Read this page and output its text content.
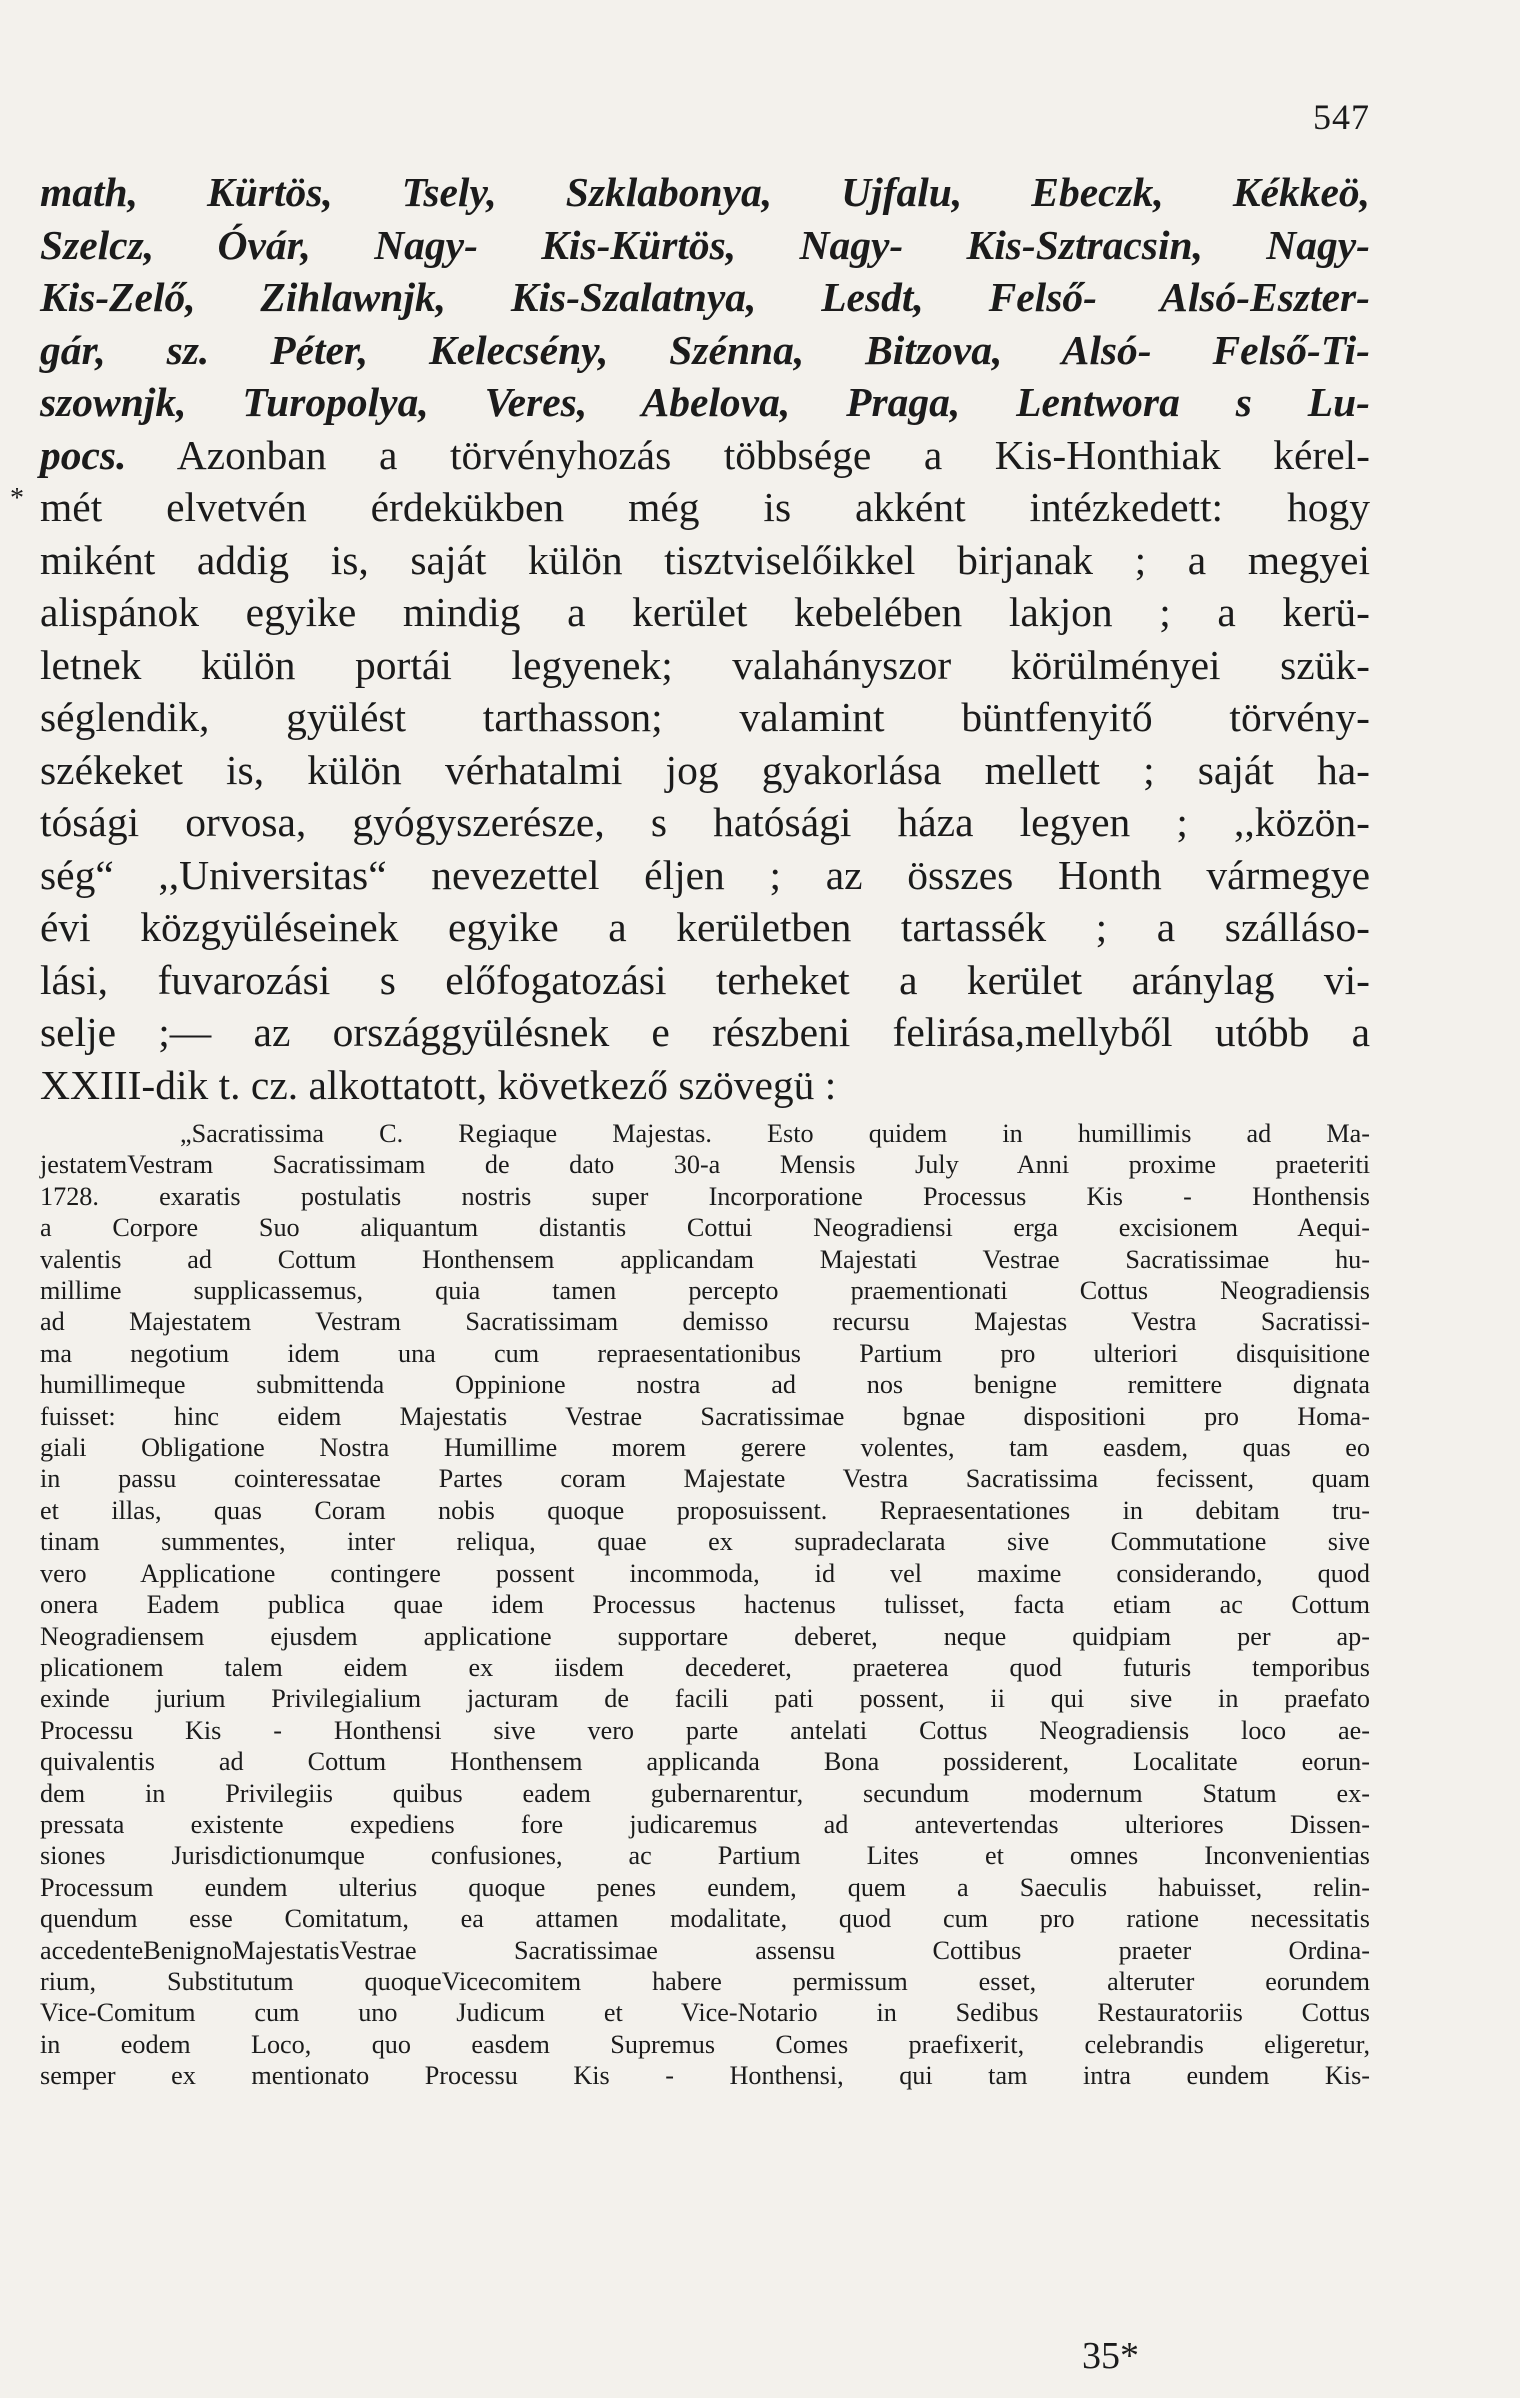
547
*
math, Kürtös, Tsely, Szklabonya, Ujfalu, Ebeczk, Kékkeö,
Szelcz, Óvár, Nagy- Kis-Kürtös, Nagy- Kis-Sztracsin, Nagy-
Kis-Zelő, Zihlawnjk, Kis-Szalatnya, Lesdt, Felső- Alsó-Eszter-
gár, sz. Péter, Kelecsény, Szénna, Bitzova, Alsó- Felső-Ti-
szownjk, Turopolya, Veres, Abelova, Praga, Lentwora s Lu-
pocs. Azonban a törvényhozás többsége a Kis-Honthiak kérel-
mét elvetvén érdekükben még is akként intézkedett: hogy
miként addig is, saját külön tisztviselőikkel birjanak ; a megyei
alispánok egyike mindig a kerület kebelében lakjon ; a kerü-
letnek külön portái legyenek; valahányszor körülményei szük-
séglendik, gyülést tarthasson; valamint büntfenyitő törvény-
székeket is, külön vérhatalmi jog gyakorlása mellett ; saját ha-
tósági orvosa, gyógyszerésze, s hatósági háza legyen ; ,,közön-
ség“ ,,Universitas“ nevezettel éljen ; az összes Honth vármegye
évi közgyüléseinek egyike a kerületben tartassék ; a szálláso-
lási, fuvarozási s előfogatozási terheket a kerület aránylag vi-
selje ;— az országgyülésnek e részbeni felirása,mellyből utóbb a
XXIII-dik t. cz. alkottatott, következő szövegü :
„Sacratissima C. Regiaque Majestas. Esto quidem in humillimis ad Ma-
jestatemVestram Sacratissimam de dato 30-a Mensis July Anni proxime praeteriti
1728. exaratis postulatis nostris super Incorporatione Processus Kis - Honthensis
a Corpore Suo aliquantum distantis Cottui Neogradiensi erga excisionem Aequi-
valentis ad Cottum Honthensem applicandam Majestati Vestrae Sacratissimae hu-
millime supplicassemus, quia tamen percepto praementionati Cottus Neogradiensis
ad Majestatem Vestram Sacratissimam demisso recursu Majestas Vestra Sacratissi-
ma negotium idem una cum repraesentationibus Partium pro ulteriori disquisitione
humillimeque submittenda Oppinione nostra ad nos benigne remittere dignata
fuisset: hinc eidem Majestatis Vestrae Sacratissimae bgnae dispositioni pro Homa-
giali Obligatione Nostra Humillime morem gerere volentes, tam easdem, quas eo
in passu cointeressatae Partes coram Majestate Vestra Sacratissima fecissent, quam
et illas, quas Coram nobis quoque proposuissent. Repraesentationes in debitam tru-
tinam summentes, inter reliqua, quae ex supradeclarata sive Commutatione sive
vero Applicatione contingere possent incommoda, id vel maxime considerando, quod
onera Eadem publica quae idem Processus hactenus tulisset, facta etiam ac Cottum
Neogradiensem ejusdem applicatione supportare deberet, neque quidpiam per ap-
plicationem talem eidem ex iisdem decederet, praeterea quod futuris temporibus
exinde jurium Privilegialium jacturam de facili pati possent, ii qui sive in praefato
Processu Kis - Honthensi sive vero parte antelati Cottus Neogradiensis loco ae-
quivalentis ad Cottum Honthensem applicanda Bona possiderent, Localitate eorun-
dem in Privilegiis quibus eadem gubernarentur, secundum modernum Statum ex-
pressata existente expediens fore judicaremus ad antevertendas ulteriores Dissen-
siones Jurisdictionumque confusiones, ac Partium Lites et omnes Inconvenientias
Processum eundem ulterius quoque penes eundem, quem a Saeculis habuisset, relin-
quendum esse Comitatum, ea attamen modalitate, quod cum pro ratione necessitatis
accedenteBenignoMajestatisVestrae Sacratissimae assensu Cottibus praeter Ordina-
rium, Substitutum quoqueVicecomitem habere permissum esset, alteruter eorundem
Vice-Comitum cum uno Judicum et Vice-Notario in Sedibus Restauratoriis Cottus
in eodem Loco, quo easdem Supremus Comes praefixerit, celebrandis eligeretur,
semper ex mentionato Processu Kis - Honthensi, qui tam intra eundem Kis-
35*
